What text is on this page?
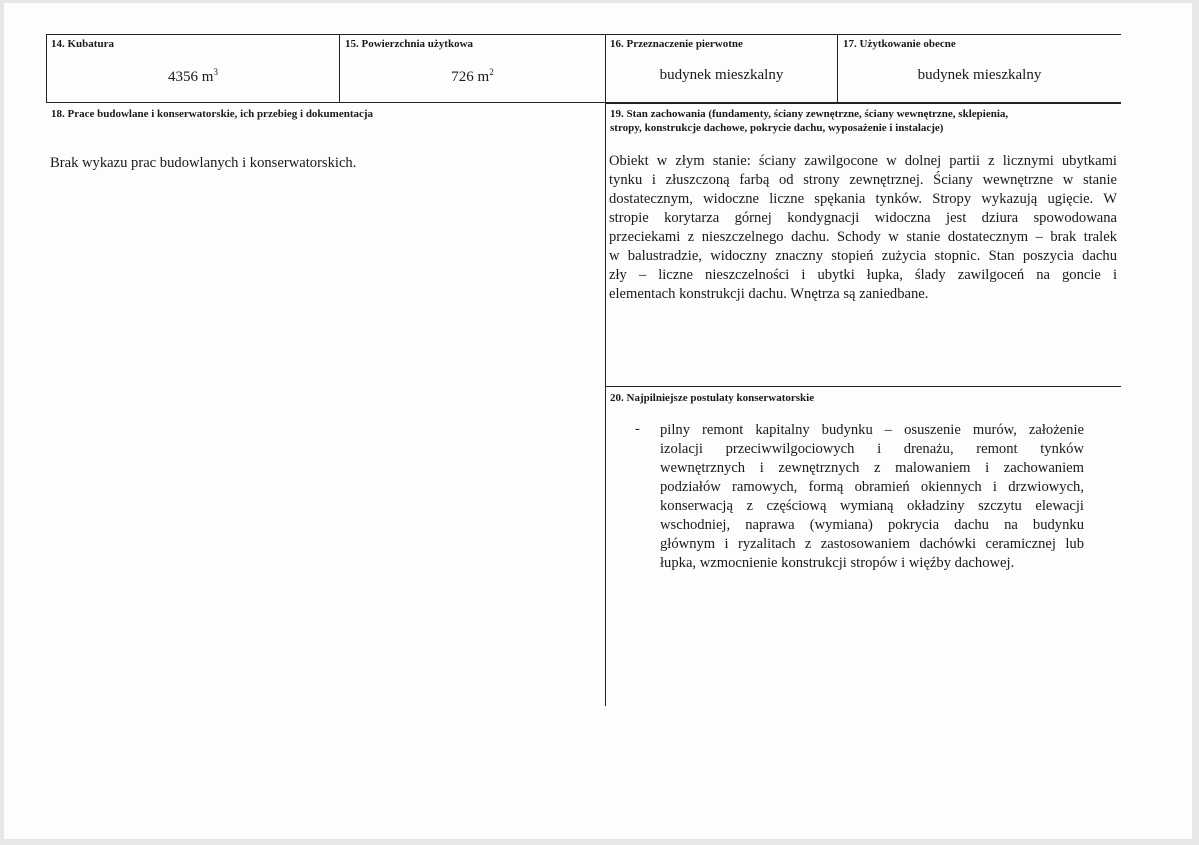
14. Kubatura
4356 $m^3$
15. Powierzchnia użytkowa
726 $m^2$
16. Przeznaczenie pierwotne
budynek mieszkalny
17. Użytkowanie obecne
budynek mieszkalny
18. Prace budowlane i konserwatorskie, ich przebieg i dokumentacja
Brak wykazu prac budowlanych i konserwatorskich.
19. Stan zachowania (fundamenty, ściany zewnętrzne, ściany wewnętrzne, sklepienia,
stropy, konstrukcje dachowe, pokrycie dachu, wyposażenie i instalacje)
Obiekt w złym stanie: ściany zawilgocone w dolnej partii z licznymi ubytkami
tynku i złuszczoną farbą od strony zewnętrznej. Ściany wewnętrzne w stanie
dostatecznym, widoczne liczne spękania tynków. Stropy wykazują ugięcie. W
stropie korytarza górnej kondygnacji widoczna jest dziura spowodowana
przeciekami z nieszczelnego dachu. Schody w stanie dostatecznym – brak tralek
w balustradzie, widoczny znaczny stopień zużycia stopnic. Stan poszycia dachu
zły – liczne nieszczelności i ubytki łupka, ślady zawilgoceń na goncie i
elementach konstrukcji dachu. Wnętrza są zaniedbane.
20. Najpilniejsze postulaty konserwatorskie
- pilny remont kapitalny budynku – osuszenie murów, założenie
izolacji przeciwwilgociowych i drenażu, remont tynków
wewnętrznych i zewnętrznych z malowaniem i zachowaniem
podziałów ramowych, formą obramień okiennych i drzwiowych,
konserwacją z częściową wymianą okładziny szczytu elewacji
wschodniej, naprawa (wymiana) pokrycia dachu na budynku
głównym i ryzalitach z zastosowaniem dachówki ceramicznej lub
łupka, wzmocnienie konstrukcji stropów i więźby dachowej.
